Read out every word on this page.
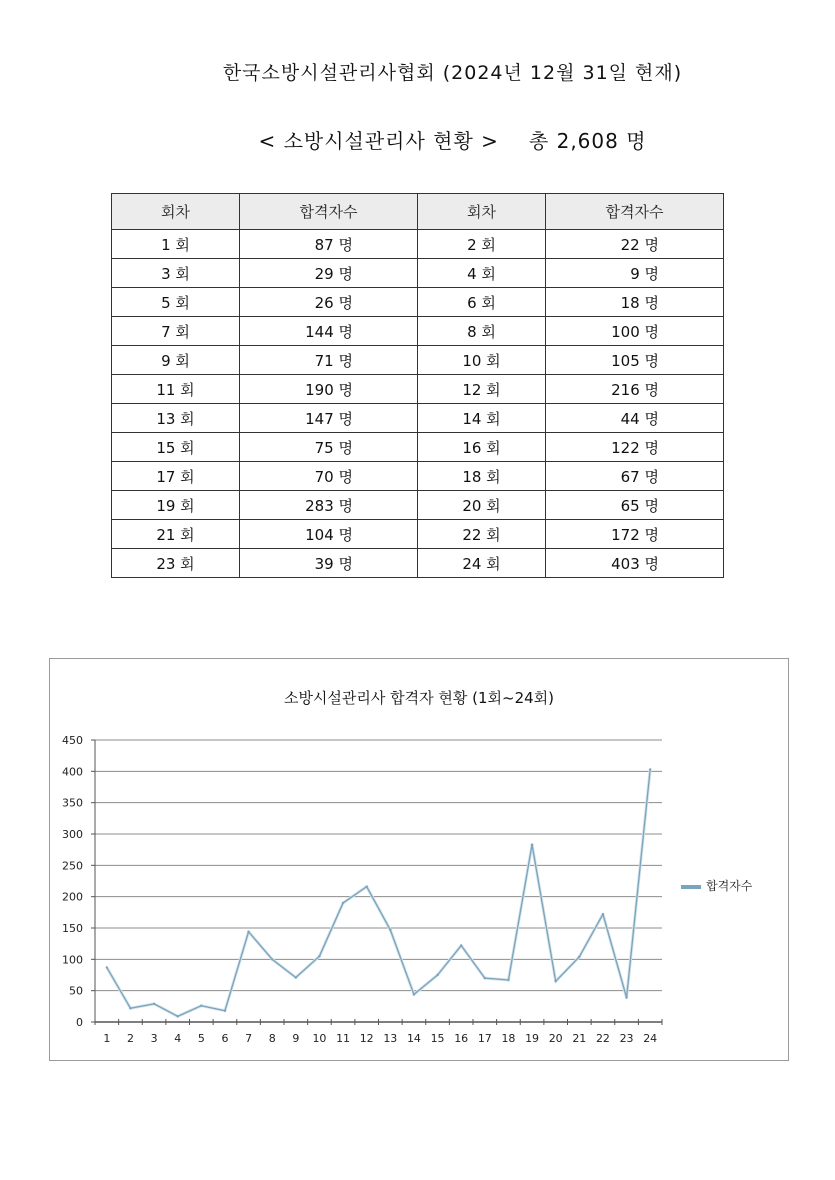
한국소방시설관리사협회 (2024년 12월 31일 현재)
< 소방시설관리사 현황 > 총 2,608 명
회차	합격자수	회차	합격자수
1 회	87 명	2 회	22 명
3 회	29 명	4 회	9 명
5 회	26 명	6 회	18 명
7 회	144 명	8 회	100 명
9 회	71 명	10 회	105 명
11 회	190 명	12 회	216 명
13 회	147 명	14 회	44 명
15 회	75 명	16 회	122 명
17 회	70 명	18 회	67 명
19 회	283 명	20 회	65 명
21 회	104 명	22 회	172 명
23 회	39 명	24 회	403 명
소방시설관리사 합격자 현황 (1회~24회)
0
50
100
150
200
250
300
350
400
450
1 2 3 4 5 6 7 8 9 10 11 12 13 14 15 16 17 18 19 20 21 22 23 24
합격자수
